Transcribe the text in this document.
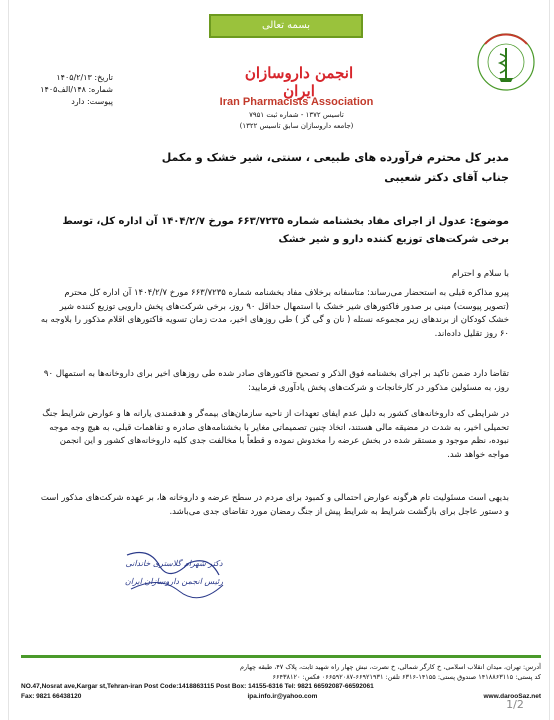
بسمه تعالی
تاریخ: ۱۴۰۵/۲/۱۳
شماره: ۱۴۸/الف۱۴۰۵
پیوست: دارد
انجمن داروسازان ایران
Iran Pharmacists Association
تاسیس ۱۳۷۲ - شماره ثبت ۷۹۵۱
(جامعه داروسازان سابق تاسیس ۱۳۲۲)
مدیر کل محترم فرآورده های طبیعی ، سنتی، شیر خشک و مکمل
جناب آقای دکتر شعیبی
موضوع: عدول از اجرای مفاد بخشنامه شماره ۶۶۳/۷۲۳۵ مورخ ۱۴۰۴/۲/۷ آن اداره کل، توسط برخی شرکت‌های توزیع کننده دارو و شیر خشک
با سلام و احترام
پیرو مذاکره قبلی به استحضار می‌رساند: متاسفانه برخلاف مفاد بخشنامه شماره ۶۶۳/۷۲۳۵ مورخ ۱۴۰۴/۲/۷ آن اداره کل محترم (تصویر پیوست) مبنی بر صدور فاکتورهای شیر خشک با استمهال حداقل ۹۰ روز، برخی شرکت‌های پخش دارویی توزیع کننده شیر خشک کودکان از برندهای زیر مجموعه نستله ( نان و گی گز ) طی روزهای اخیر، مدت زمان تسویه فاکتورهای اقلام مذکور را بلاوجه به ۶۰ روز تقلیل داده‌اند.
تقاضا دارد ضمن تاکید بر اجرای بخشنامه فوق الذکر و تصحیح فاکتورهای صادر شده طی روزهای اخیر برای داروخانه‌ها به استمهال ۹۰ روز، به مسئولین مذکور در کارخانجات و شرکت‌های پخش یادآوری فرمایید:
در شرایطی که داروخانه‌های کشور به دلیل عدم ایفای تعهدات از ناحیه سازمان‌های بیمه‌گر و هدفمندی یارانه ها و عوارض شرایط جنگ تحمیلی اخیر، به شدت در مضیقه مالی هستند، اتخاذ چنین تصمیماتی مغایر با بخشنامه‌های صادره و تفاهمات قبلی، به هیچ وجه موجه نبوده، نظم موجود و مستقر شده در بخش عرضه را مخدوش نموده و قطعاً با مخالفت جدی کلیه داروخانه‌های کشور و این انجمن مواجه خواهد شد.
بدیهی است مسئولیت تام هرگونه عوارض احتمالی و کمبود برای مردم در سطح عرضه و داروخانه ها، بر عهده شرکت‌های مذکور است و دستور عاجل برای بازگشت شرایط به شرایط پیش از جنگ رمضان مورد تقاضای جدی می‌باشد.
دکتر شهرام گلاستری خاندانی
رئیس انجمن داروسازان ایران
آدرس: تهران، میدان انقلاب اسلامی، خ کارگر شمالی، خ نصرت، نبش چهار راه شهید ثابت، پلاک ۴۷، طبقه چهارم
کد پستی: ۱۴۱۸۸۶۳۱۱۵ صندوق پستی: ۱۴۱۵۵-۶۳۱۶ تلفن: ۶۶۹۲۱۹۳۱-۰۶۶۵۹۲۰۸۷ فکس: ۶۶۴۳۸۱۲۰
NO.47,Nosrat ave,Kargar st,Tehran-iran Post Code:1418863115 Post Box: 14155-6316 Tel: 9821 66592087-66592061
Fax: 9821 66438120	ipa.info.ir@yahoo.com	www.darooSaz.net
1/2
